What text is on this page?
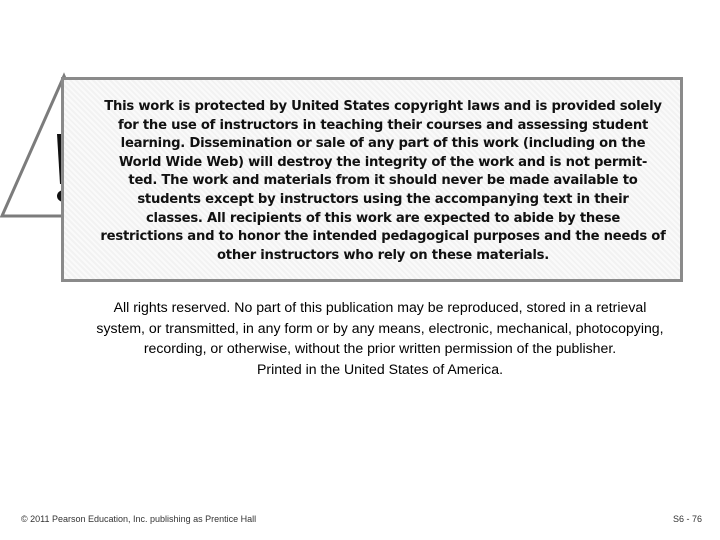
This work is protected by United States copyright laws and is provided solely
for the use of instructors in teaching their courses and assessing student
learning. Dissemination or sale of any part of this work (including on the
World Wide Web) will destroy the integrity of the work and is not permit-
ted. The work and materials from it should never be made available to
students except by instructors using the accompanying text in their
classes. All recipients of this work are expected to abide by these
restrictions and to honor the intended pedagogical purposes and the needs of
other instructors who rely on these materials.

All rights reserved. No part of this publication may be reproduced, stored in a retrieval
system, or transmitted, in any form or by any means, electronic, mechanical, photocopying,
recording, or otherwise, without the prior written permission of the publisher.
Printed in the United States of America.
© 2011 Pearson Education, Inc. publishing as Prentice Hall	S6 - 76
